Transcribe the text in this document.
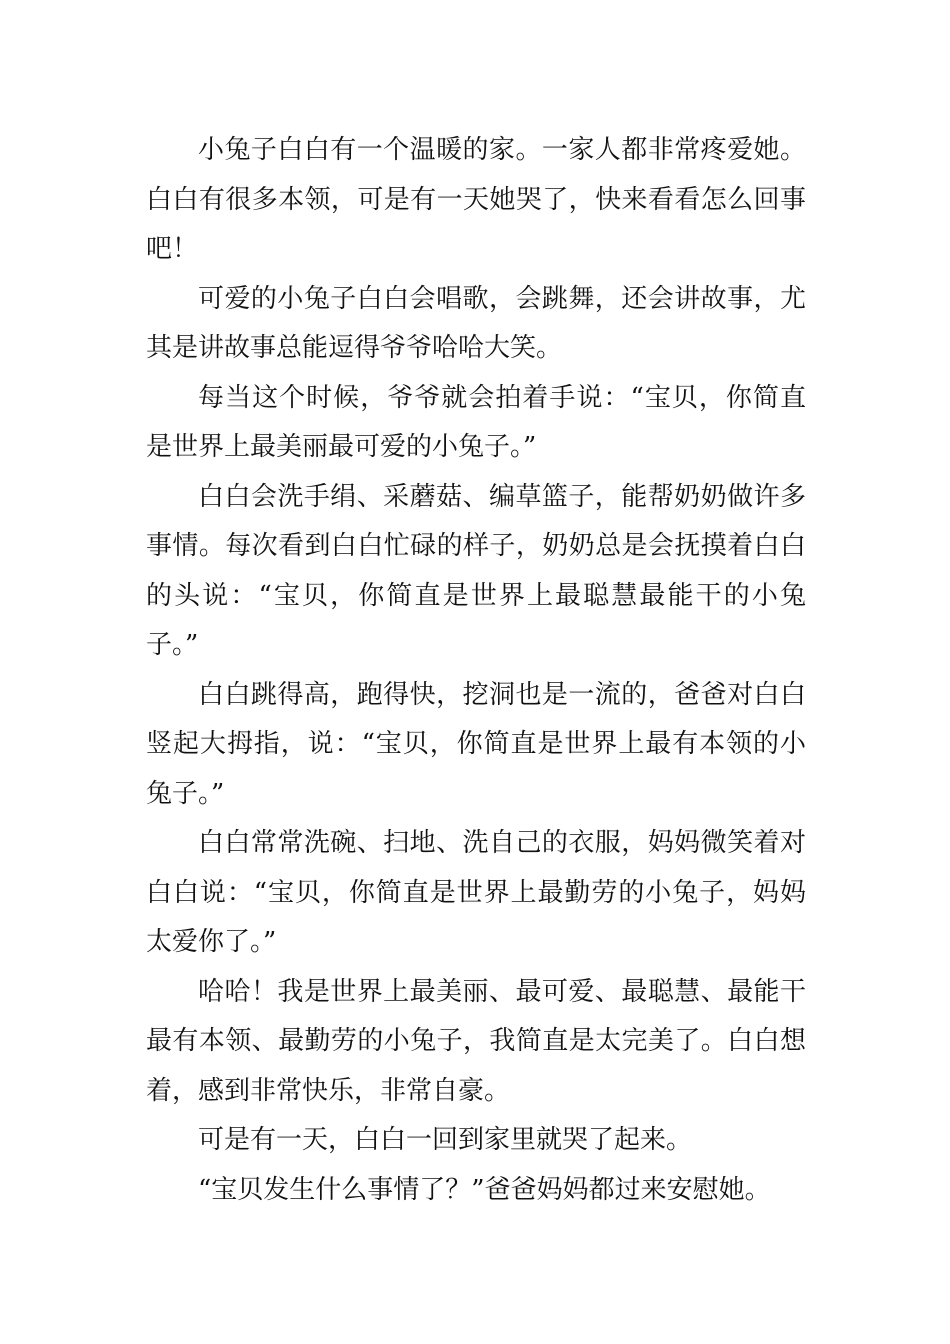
小兔子白白有一个温暖的家。一家人都非常疼爱她。白白有很多本领，可是有一天她哭了，快来看看怎么回事吧！

可爱的小兔子白白会唱歌，会跳舞，还会讲故事，尤其是讲故事总能逗得爷爷哈哈大笑。

每当这个时候，爷爷就会拍着手说：“宝贝，你简直是世界上最美丽最可爱的小兔子。”

白白会洗手绢、采蘑菇、编草篮子，能帮奶奶做许多事情。每次看到白白忙碌的样子，奶奶总是会抚摸着白白的头说：“宝贝，你简直是世界上最聪慧最能干的小兔子。”

白白跳得高，跑得快，挖洞也是一流的，爸爸对白白竖起大拇指，说：“宝贝，你简直是世界上最有本领的小兔子。”

白白常常洗碗、扫地、洗自己的衣服，妈妈微笑着对白白说：“宝贝，你简直是世界上最勤劳的小兔子，妈妈太爱你了。”

哈哈！我是世界上最美丽、最可爱、最聪慧、最能干最有本领、最勤劳的小兔子，我简直是太完美了。白白想着，感到非常快乐，非常自豪。

可是有一天，白白一回到家里就哭了起来。

“宝贝发生什么事情了？”爸爸妈妈都过来安慰她。
